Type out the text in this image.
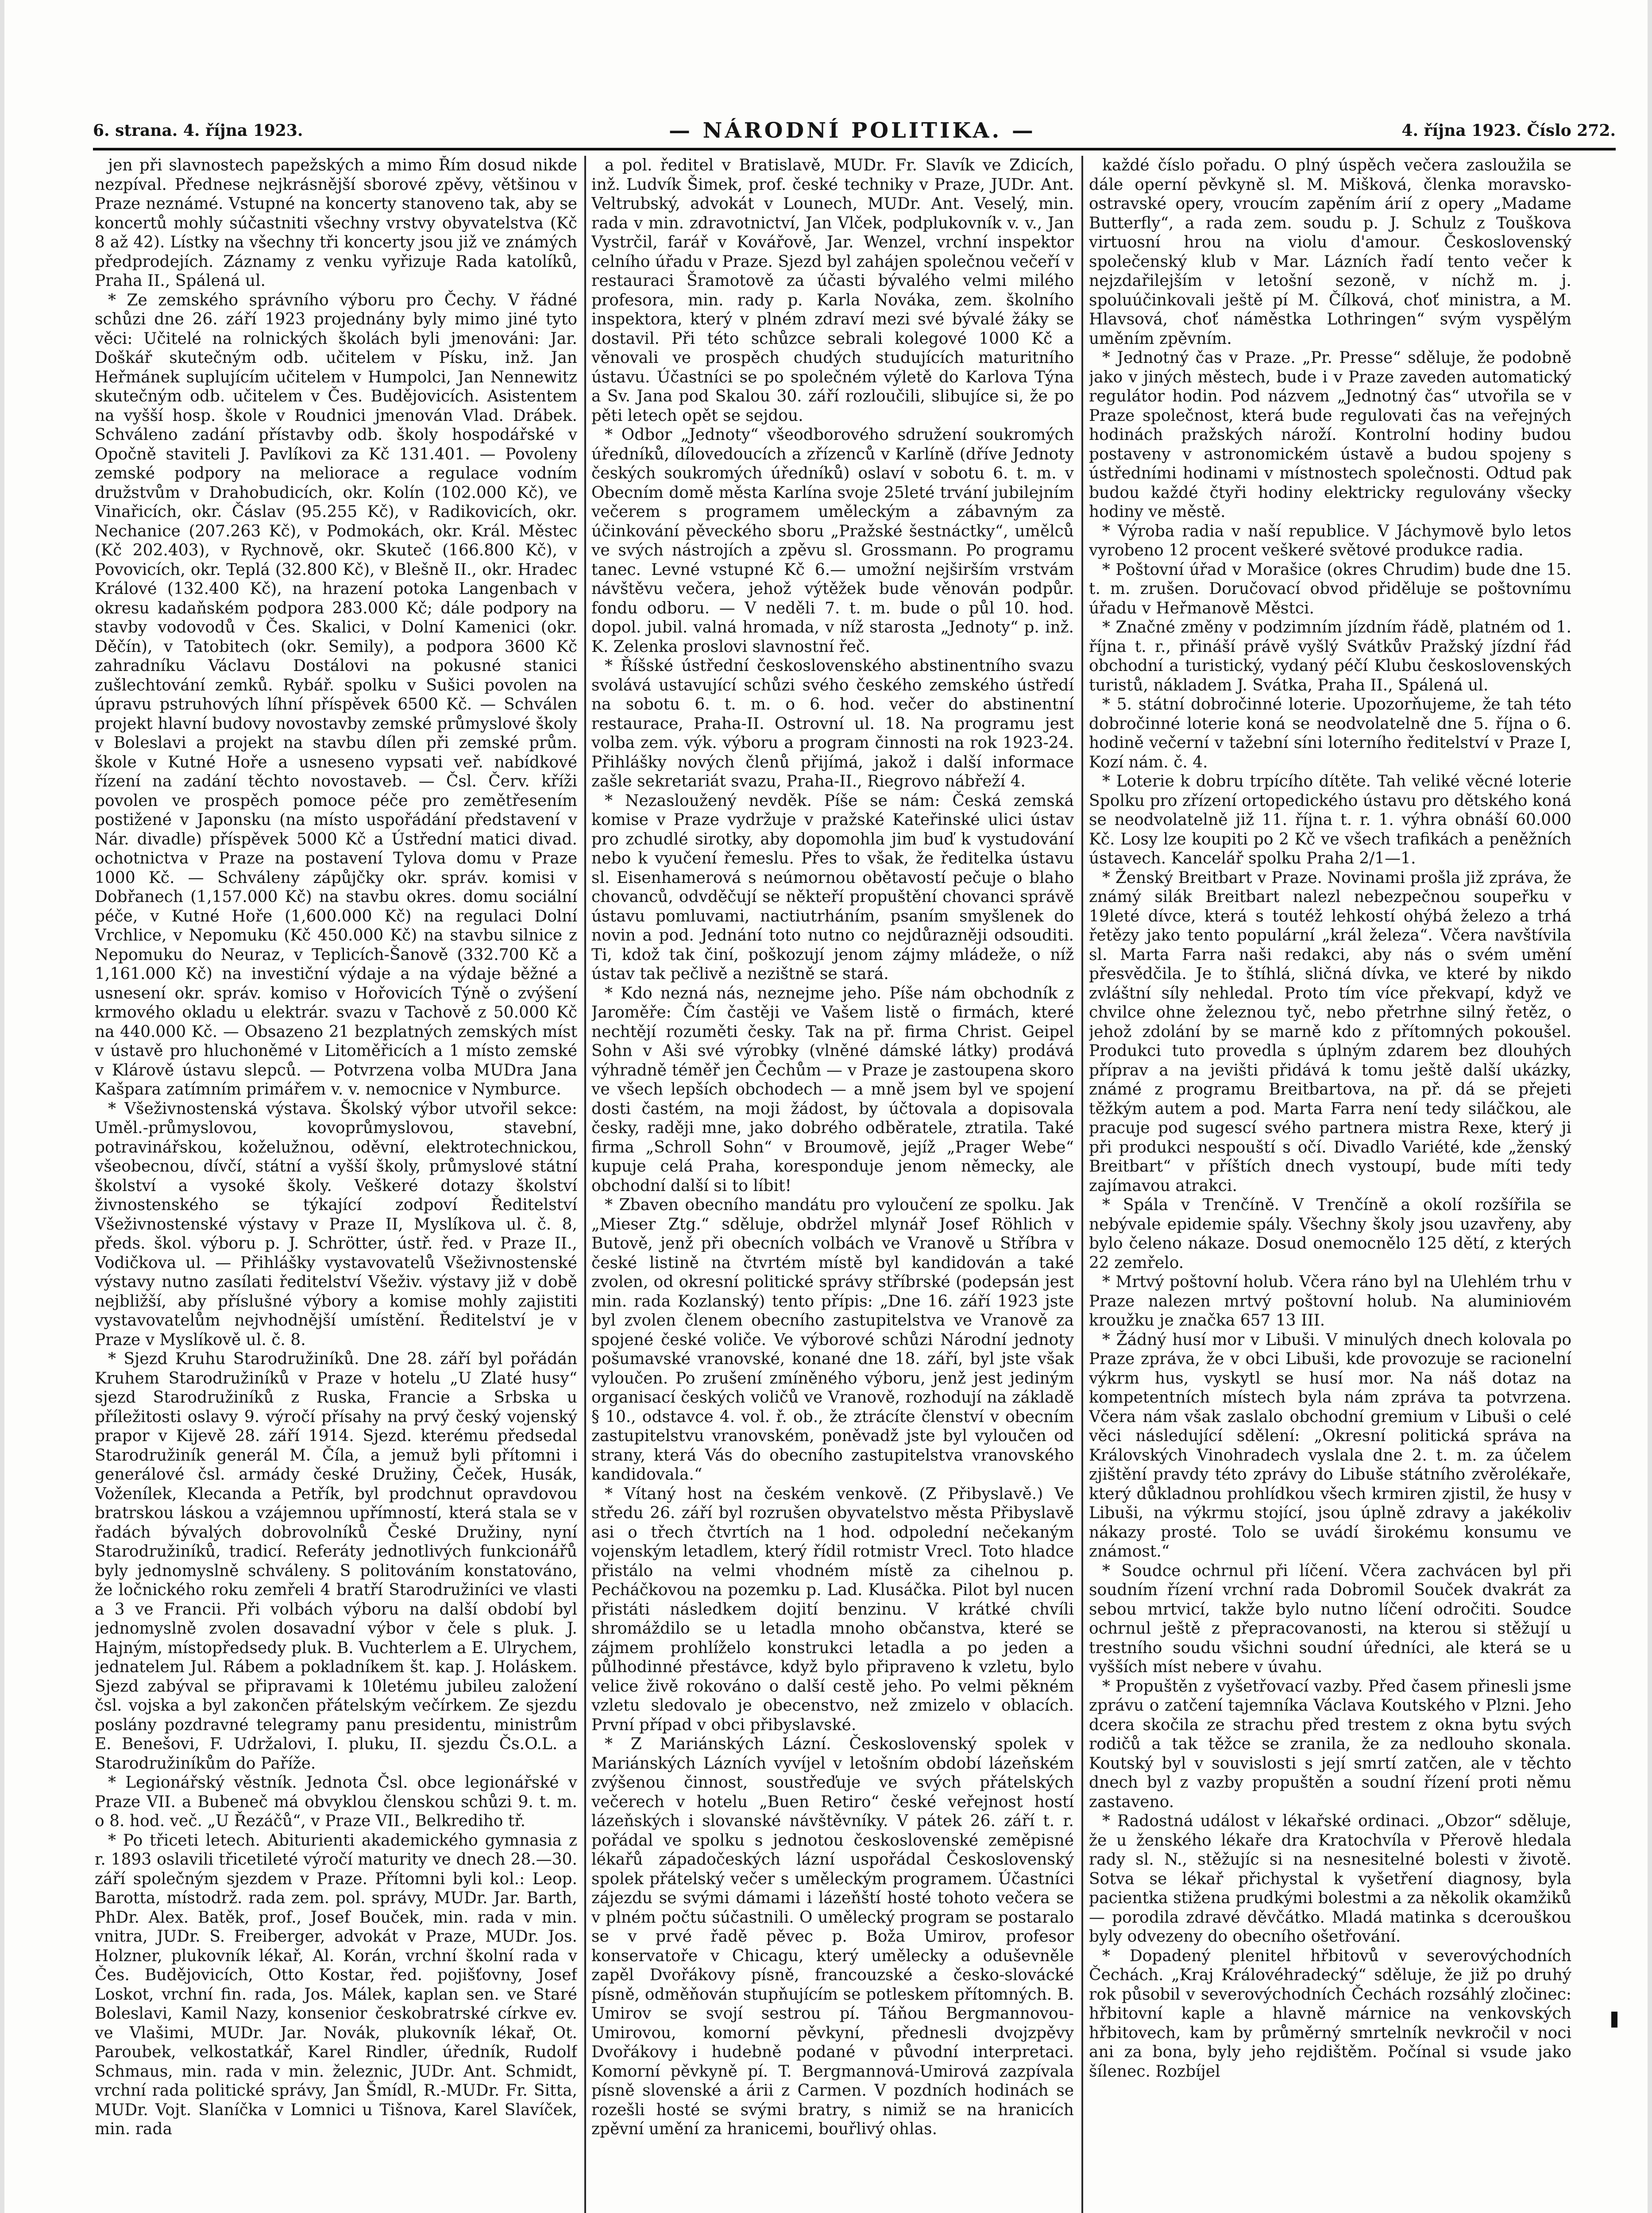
6. strana. 4. října 1923.	— NÁRODNÍ POLITIKA. —	4. října 1923. Číslo 272.

jen při slavnostech papežských a mimo Řím dosud nikde nezpíval. Přednese nejkrásnější sborové zpěvy, většinou v Praze neznámé. Vstupné na koncerty stanoveno tak, aby se koncertů mohly súčastniti všechny vrstvy obyvatelstva (Kč 8 až 42). Lístky na všechny tři koncerty jsou již ve známých předprodejích. Záznamy z venku vyřizuje Rada katolíků, Praha II., Spálená ul.

* Ze zemského správního výboru pro Čechy. V řádné schůzi dne 26. září 1923 projednány byly mimo jiné tyto věci: Učitelé na rolnických školách byli jmenováni: Jar. Doškář skutečným odb. učitelem v Písku, inž. Jan Heřmánek suplujícím učitelem v Humpolci, Jan Nennewitz skutečným odb. učitelem v Čes. Budějovicích. Asistentem na vyšší hosp. škole v Roudnici jmenován Vlad. Drábek. Schváleno zadání přístavby odb. školy hospodářské v Opočně staviteli J. Pavlíkovi za Kč 131.401. — Povoleny zemské podpory na meliorace a regulace vodním družstvům v Drahobudicích, okr. Kolín (102.000 Kč), ve Vinařicích, okr. Čáslav (95.255 Kč), v Radikovicích, okr. Nechanice (207.263 Kč), v Podmokách, okr. Král. Městec (Kč 202.403), v Rychnově, okr. Skuteč (166.800 Kč), v Povovicích, okr. Teplá (32.800 Kč), v Blešně II., okr. Hradec Králové (132.400 Kč), na hrazení potoka Langenbach v okresu kadaňském podpora 283.000 Kč; dále podpory na stavby vodovodů v Čes. Skalici, v Dolní Kamenici (okr. Děčín), v Tatobitech (okr. Semily), a podpora 3600 Kč zahradníku Václavu Dostálovi na pokusné stanici zušlechtování zemků. Rybář. spolku v Sušici povolen na úpravu pstruhových líhní příspěvek 6500 Kč. — Schválen projekt hlavní budovy novostavby zemské průmyslové školy v Boleslavi a projekt na stavbu dílen při zemské prům. škole v Kutné Hoře a usneseno vypsati veř. nabídkové řízení na zadání těchto novostaveb. — Čsl. Červ. kříži povolen ve prospěch pomoce péče pro zemětřesením postižené v Japonsku (na místo uspořádání představení v Nár. divadle) příspěvek 5000 Kč a Ústřední matici divad. ochotnictva v Praze na postavení Tylova domu v Praze 1000 Kč. — Schváleny zápůjčky okr. správ. komisi v Dobřanech (1,157.000 Kč) na stavbu okres. domu sociální péče, v Kutné Hoře (1,600.000 Kč) na regulaci Dolní Vrchlice, v Nepomuku (Kč 450.000 Kč) na stavbu silnice z Nepomuku do Neuraz, v Teplicích-Šanově (332.700 Kč a 1,161.000 Kč) na investiční výdaje a na výdaje běžné a usnesení okr. správ. komiso v Hořovicích Týně o zvýšení krmového okladu u elektrár. svazu v Tachově z 50.000 Kč na 440.000 Kč. — Obsazeno 21 bezplatných zemských míst v ústavě pro hluchoněmé v Litoměřicích a 1 místo zemské v Klárově ústavu slepců. — Potvrzena volba MUDra Jana Kašpara zatímním primářem v. v. nemocnice v Nymburce.

* Všeživnostenská výstava. Školský výbor utvořil sekce: Uměl.-průmyslovou, kovoprůmyslovou, stavební, potravinářskou, koželužnou, oděvní, elektrotechnickou, všeobecnou, dívčí, státní a vyšší školy, průmyslové státní školství a vysoké školy. Veškeré dotazy školství živnostenského se týkající zodpoví Ředitelství Všeživnostenské výstavy v Praze II, Myslíkova ul. č. 8, předs. škol. výboru p. J. Schrötter, ústř. řed. v Praze II., Vodičkova ul. — Přihlášky vystavovatelů Všeživnostenské výstavy nutno zasílati ředitelství Všeživ. výstavy již v době nejbližší, aby příslušné výbory a komise mohly zajistiti vystavovatelům nejvhodnější umístění. Ředitelství je v Praze v Myslíkově ul. č. 8.

* Sjezd Kruhu Starodružiníků. Dne 28. září byl pořádán Kruhem Starodružiníků v Praze v hotelu „U Zlaté husy“ sjezd Starodružiníků z Ruska, Francie a Srbska u příležitosti oslavy 9. výročí přísahy na prvý český vojenský prapor v Kijevě 28. září 1914. Sjezd. kterému předsedal Starodružiník generál M. Číla, a jemuž byli přítomni i generálové čsl. armády české Družiny, Čeček, Husák, Voženílek, Klecanda a Petřík, byl prodchnut opravdovou bratrskou láskou a vzájemnou upřímností, která stala se v řadách bývalých dobrovolníků České Družiny, nyní Starodružiníků, tradicí. Referáty jednotlivých funkcionářů byly jednomyslně schváleny. S politováním konstatováno, že ločnického roku zemřeli 4 bratří Starodružiníci ve vlasti a 3 ve Francii. Při volbách výboru na další období byl jednomyslně zvolen dosavadní výbor v čele s pluk. J. Hajným, místopředsedy pluk. B. Vuchterlem a E. Ulrychem, jednatelem Jul. Rábem a pokladníkem št. kap. J. Holáskem. Sjezd zabýval se připravami k 10letému jubileu založení čsl. vojska a byl zakončen přátelským večírkem. Ze sjezdu poslány pozdravné telegramy panu presidentu, ministrům E. Benešovi, F. Udržalovi, I. pluku, II. sjezdu Čs.O.L. a Starodružiníkům do Paříže.

* Legionářský věstník. Jednota Čsl. obce legionářské v Praze VII. a Bubeneč má obvyklou členskou schůzi 9. t. m. o 8. hod. več. „U Řezáčů“, v Praze VII., Belkrediho tř.

* Po třiceti letech. Abiturienti akademického gymnasia z r. 1893 oslavili třicetileté výročí maturity ve dnech 28.—30. září společným sjezdem v Praze. Přítomni byli kol.: Leop. Barotta, místodrž. rada zem. pol. správy, MUDr. Jar. Barth, PhDr. Alex. Batěk, prof., Josef Bouček, min. rada v min. vnitra, JUDr. S. Freiberger, advokát v Praze, MUDr. Jos. Holzner, plukovník lékař, Al. Korán, vrchní školní rada v Čes. Budějovicích, Otto Kostar, řed. pojišťovny, Josef Loskot, vrchní fin. rada, Jos. Málek, kaplan sen. ve Staré Boleslavi, Kamil Nazy, konsenior českobratrské církve ev. ve Vlašimi, MUDr. Jar. Novák, plukovník lékař, Ot. Paroubek, velkostatkář, Karel Rindler, úředník, Rudolf Schmaus, min. rada v min. železnic, JUDr. Ant. Schmidt, vrchní rada politické správy, Jan Šmídl, R.-MUDr. Fr. Sitta, MUDr. Vojt. Slaníčka v Lomnici u Tišnova, Karel Slavíček, min. rada

a pol. ředitel v Bratislavě, MUDr. Fr. Slavík ve Zdicích, inž. Ludvík Šimek, prof. české techniky v Praze, JUDr. Ant. Veltrubský, advokát v Lounech, MUDr. Ant. Veselý, min. rada v min. zdravotnictví, Jan Vlček, podplukovník v. v., Jan Vystrčil, farář v Kovářově, Jar. Wenzel, vrchní inspektor celního úřadu v Praze. Sjezd byl zahájen společnou večeří v restauraci Šramotově za účasti bývalého velmi milého profesora, min. rady p. Karla Nováka, zem. školního inspektora, který v plném zdraví mezi své bývalé žáky se dostavil. Při této schůzce sebrali kolegové 1000 Kč a věnovali ve prospěch chudých studujících maturitního ústavu. Účastníci se po společném výletě do Karlova Týna a Sv. Jana pod Skalou 30. září rozloučili, slibujíce si, že po pěti letech opět se sejdou.

* Odbor „Jednoty“ všeodborového sdružení soukromých úředníků, dílovedoucích a zřízenců v Karlíně (dříve Jednoty českých soukromých úředníků) oslaví v sobotu 6. t. m. v Obecním domě města Karlína svoje 25leté trvání jubilejním večerem s programem uměleckým a zábavným za účinkování pěveckého sboru „Pražské šestnáctky“, umělců ve svých nástrojích a zpěvu sl. Grossmann. Po programu tanec. Levné vstupné Kč 6.— umožní nejširším vrstvám návštěvu večera, jehož výtěžek bude věnován podpůr. fondu odboru. — V neděli 7. t. m. bude o půl 10. hod. dopol. jubil. valná hromada, v níž starosta „Jednoty“ p. inž. K. Zelenka proslovi slavnostní řeč.

* Říšské ústřední československého abstinentního svazu svolává ustavující schůzi svého českého zemského ústředí na sobotu 6. t. m. o 6. hod. večer do abstinentní restaurace, Praha-II. Ostrovní ul. 18. Na programu jest volba zem. výk. výboru a program činnosti na rok 1923-24. Přihlášky nových členů přijímá, jakož i další informace zašle sekretariát svazu, Praha-II., Riegrovo nábřeží 4.

* Nezasloužený nevděk. Píše se nám: Česká zemská komise v Praze vydržuje v pražské Kateřinské ulici ústav pro zchudlé sirotky, aby dopomohla jim buď k vystudování nebo k vyučení řemeslu. Přes to však, že ředitelka ústavu sl. Eisenhamerová s neúmornou obětavostí pečuje o blaho chovanců, odvděčují se někteří propuštění chovanci správě ústavu pomluvami, nactiutrháním, psaním smyšlenek do novin a pod. Jednání toto nutno co nejdůrazněji odsouditi. Ti, kdož tak činí, poškozují jenom zájmy mládeže, o níž ústav tak pečlivě a nezištně se stará.

* Kdo nezná nás, neznejme jeho. Píše nám obchodník z Jaroměře: Čím častěji ve Vašem listě o firmách, které nechtějí rozuměti česky. Tak na př. firma Christ. Geipel Sohn v Aši své výrobky (vlněné dámské látky) prodává výhradně téměř jen Čechům — v Praze je zastoupena skoro ve všech lepších obchodech — a mně jsem byl ve spojení dosti častém, na moji žádost, by účtovala a dopisovala česky, raději mne, jako dobrého odběratele, ztratila. Také firma „Schroll Sohn“ v Broumově, jejíž „Prager Webe“ kupuje celá Praha, korespondujе jenom německy, ale obchodní další si to líbit!

* Zbaven obecního mandátu pro vyloučení ze spolku. Jak „Mieser Ztg.“ sděluje, obdržel mlynář Josef Röhlich v Butově, jenž při obecních volbách ve Vranově u Stříbra v české listině na čtvrtém místě byl kandidován a také zvolen, od okresní politické správy stříbrské (podepsán jest min. rada Kozlanský) tento přípis: „Dne 16. září 1923 jste byl zvolen členem obecního zastupitelstva ve Vranově za spojené české voliče. Ve výborové schůzi Národní jednoty pošumavské vranovské, konané dne 18. září, byl jste však vyloučen. Po zrušení zmíněného výboru, jenž jest jediným organisací českých voličů ve Vranově, rozhodují na základě § 10., odstavce 4. vol. ř. ob., že ztrácíte členství v obecním zastupitelstvu vranovském, poněvadž jste byl vyloučen od strany, která Vás do obecního zastupitelstva vranovského kandidovala.“

* Vítaný host na českém venkově. (Z Přibyslavě.) Ve středu 26. září byl rozrušen obyvatelstvo města Přibyslavě asi o třech čtvrtích na 1 hod. odpolední nečekaným vojenským letadlem, který řídil rotmistr Vrecl. Toto hladce přistálo na velmi vhodném místě za cihelnou p. Pecháčkovou na pozemku p. Lad. Klusáčka. Pilot byl nucen přistáti následkem dojití benzinu. V krátké chvíli shromáždilo se u letadla mnoho občanstva, které se zájmem prohlíželo konstrukci letadla a po jeden a půlhodinné přestávce, když bylo připraveno k vzletu, bylo velice živě rokováno o další cestě jeho. Po velmi pěkném vzletu sledovalo je obecenstvo, než zmizelo v oblacích. První případ v obci přibyslavské.

* Z Mariánských Lázní. Československý spolek v Mariánských Lázních vyvíjel v letošním období lázeňském zvýšenou činnost, soustřeďuje ve svých přátelských večerech v hotelu „Buen Retiro“ české veřejnost hostí lázeňských i slovanské návštěvníky. V pátek 26. září t. r. pořádal ve spolku s jednotou československé zeměpisné lékařů západočeských lázní uspořádal Československý spolek přátelský večer s uměleckým programem. Účastníci zájezdu se svými dámami i lázeňští hosté tohoto večera se v plném počtu súčastnili. O umělecký program se postaralo se v prvé řadě pěvec p. Boža Umirov, profesor konservatoře v Chicagu, který umělecky a oduševněle zapěl Dvořákovy písně, francouzské a česko-slovácké písně, odměňován stupňujícím se potleskem přítomných. B. Umirov se svojí sestrou pí. Táňou Bergmannovou-Umirovou, komorní pěvkyní, přednesli dvojzpěvy Dvořákovy i hudebně podané v původní interpretaci. Komorní pěvkyně pí. T. Bergmannová-Umirová zazpívala písně slovenské a árii z Carmen. V pozdních hodinách se rozešli hosté se svými bratry, s nimiž se na hranicích zpěvní umění za hranicemi, bouřlivý ohlas.

každé číslo pořadu. O plný úspěch večera zasloužila se dále operní pěvkyně sl. M. Mišková, členka moravsko-ostravské opery, vroucím zapěním árií z opery „Madame Butterfly“, a rada zem. soudu p. J. Schulz z Touškova virtuosní hrou na violu d'amour. Československý společenský klub v Mar. Lázních řadí tento večer k nejzdařilejším v letošní sezoně, v níchž m. j. spoluúčinkovali ještě pí M. Čílková, choť ministra, a M. Hlavsová, choť náměstka Lothringen“ svým vyspělým uměním zpěvním.

* Jednotný čas v Praze. „Pr. Presse“ sděluje, že podobně jako v jiných městech, bude i v Praze zaveden automatický regulátor hodin. Pod názvem „Jednotný čas“ utvořila se v Praze společnost, která bude regulovati čas na veřejných hodinách pražských nároží. Kontrolní hodiny budou postaveny v astronomickém ústavě a budou spojeny s ústředními hodinami v místnostech společnosti. Odtud pak budou každé čtyři hodiny elektricky regulovány všecky hodiny ve městě.

* Výroba radia v naší republice. V Jáchymově bylo letos vyrobeno 12 procent veškeré světové produkce radia.

* Poštovní úřad v Morašice (okres Chrudim) bude dne 15. t. m. zrušen. Doručovací obvod přiděluje se poštovnímu úřadu v Heřmanově Městci.

* Značné změny v podzimním jízdním řádě, platném od 1. října t. r., přináší právě vyšlý Svátkův Pražský jízdní řád obchodní a turistický, vydaný péčí Klubu československých turistů, nákladem J. Svátka, Praha II., Spálená ul.

* 5. státní dobročinné loterie. Upozorňujeme, že tah této dobročinné loterie koná se neodvolatelně dne 5. října o 6. hodině večerní v tažební síni loterního ředitelství v Praze I, Kozí nám. č. 4.

* Loterie k dobru trpícího dítěte. Tah veliké věcné loterie Spolku pro zřízení ortopedického ústavu pro dětského koná se neodvolatelně již 11. října t. r. 1. výhra obnáší 60.000 Kč. Losy lze koupiti po 2 Kč ve všech trafikách a peněžních ústavech. Kancelář spolku Praha 2/1—1.

* Ženský Breitbart v Praze. Novinami prošla již zpráva, že známý silák Breitbart nalezl nebezpečnou soupeřku v 19leté dívce, která s toutéž lehkostí ohýbá železo a trhá řetězy jako tento populární „král železa“. Včera navštívila sl. Marta Farra naši redakci, aby nás o svém umění přesvědčila. Je to štíhlá, sličná dívka, ve které by nikdo zvláštní síly nehledal. Proto tím více překvapí, když ve chvilce ohne železnou tyč, nebo přetrhne silný řetěz, o jehož zdolání by se marně kdo z přítomných pokoušel. Produkci tuto provedla s úplným zdarem bez dlouhých příprav a na jevišti přidává k tomu ještě další ukázky, známé z programu Breitbartova, na př. dá se přejeti těžkým autem a pod. Marta Farra není tedy siláčkou, ale pracuje pod sugescí svého partnera mistra Rexe, který ji při produkci nespouští s očí. Divadlo Variété, kde „ženský Breitbart“ v příštích dnech vystoupí, bude míti tedy zajímavou atrakci.

* Spála v Trenčíně. V Trenčíně a okolí rozšířila se nebývale epidemie spály. Všechny školy jsou uzavřeny, aby bylo čeleno nákaze. Dosud onemocnělo 125 dětí, z kterých 22 zemřelo.

* Mrtvý poštovní holub. Včera ráno byl na Ulehlém trhu v Praze nalezen mrtvý poštovní holub. Na aluminiovém kroužku je značka 657 13 III.

* Žádný husí mor v Libuši. V minulých dnech kolovala po Praze zpráva, že v obci Libuši, kde provozuje se racionelní výkrm hus, vyskytl se husí mor. Na náš dotaz na kompetentních místech byla nám zpráva ta potvrzena. Včera nám však zaslalo obchodní gremium v Libuši o celé věci následující sdělení: „Okresní politická správa na Královských Vinohradech vyslala dne 2. t. m. za účelem zjištění pravdy této zprávy do Libuše státního zvěrolékaře, který důkladnou prohlídkou všech krmiren zjistil, že husy v Libuši, na výkrmu stojící, jsou úplně zdravy a jakékoliv nákazy prosté. Tolo se uvádí širokému konsumu ve známost.“

* Soudce ochrnul při líčení. Včera zachvácen byl při soudním řízení vrchní rada Dobromil Souček dvakrát za sebou mrtvicí, takže bylo nutno líčení odročiti. Soudce ochrnul ještě z přepracovanosti, na kterou si stěžují u trestního soudu všichni soudní úředníci, ale která se u vyšších míst nebere v úvahu.

* Propuštěn z vyšetřovací vazby. Před časem přinesli jsme zprávu o zatčení tajemníka Václava Koutského v Plzni. Jeho dcera skočila ze strachu před trestem z okna bytu svých rodičů a tak těžce se zranila, že za nedlouho skonala. Koutský byl v souvislosti s její smrtí zatčen, ale v těchto dnech byl z vazby propuštěn a soudní řízení proti němu zastaveno.

* Radostná událost v lékařské ordinaci. „Obzor“ sděluje, že u ženského lékaře dra Kratochvíla v Přerově hledala rady sl. N., stěžujíc si na nesnesitelné bolesti v životě. Sotva se lékař přichystal k vyšetření diagnosy, byla pacientka stižena prudkými bolestmi a za několik okamžiků — porodila zdravé děvčátko. Mladá matinka s dcerouškou byly odvezeny do obecního ošetřování.

* Dopadený plenitel hřbitovů v severovýchodních Čechách. „Kraj Královéhradecký“ sděluje, že již po druhý rok působil v severovýchodních Čechách rozsáhlý zločinec: hřbitovní kaple a hlavně márnice na venkovských hřbitovech, kam by průměrný smrtelník nevkročil v noci ani za bona, byly jeho rejdištěm. Počínal si vsude jako šílenec. Rozbíjel
